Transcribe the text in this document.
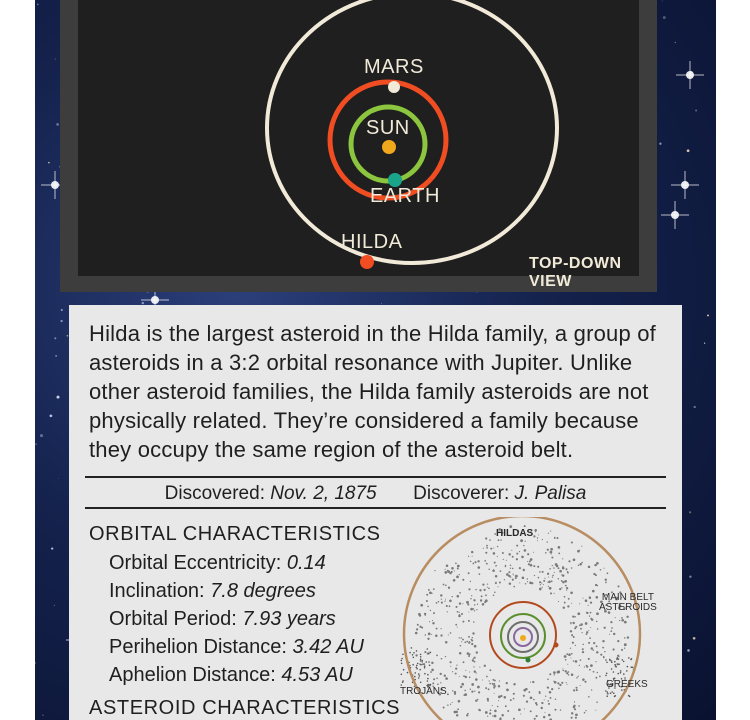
MARS
SUN
EARTH
HILDA
TOP-DOWN VIEW
Hilda is the largest asteroid in the Hilda family, a group of asteroids in a 3:2 orbital resonance with Jupiter. Unlike other asteroid families, the Hilda family asteroids are not physically related. They’re considered a family because they occupy the same region of the asteroid belt.
Discovered: Nov. 2, 1875 Discoverer: J. Palisa
ORBITAL CHARACTERISTICS
Orbital Eccentricity: 0.14
Inclination: 7.8 degrees
Orbital Period: 7.93 years
Perihelion Distance: 3.42 AU
Aphelion Distance: 4.53 AU
ASTEROID CHARACTERISTICS
HILDAS
MAIN BELT
ASTEROIDS
TROJANS
GREEKS
